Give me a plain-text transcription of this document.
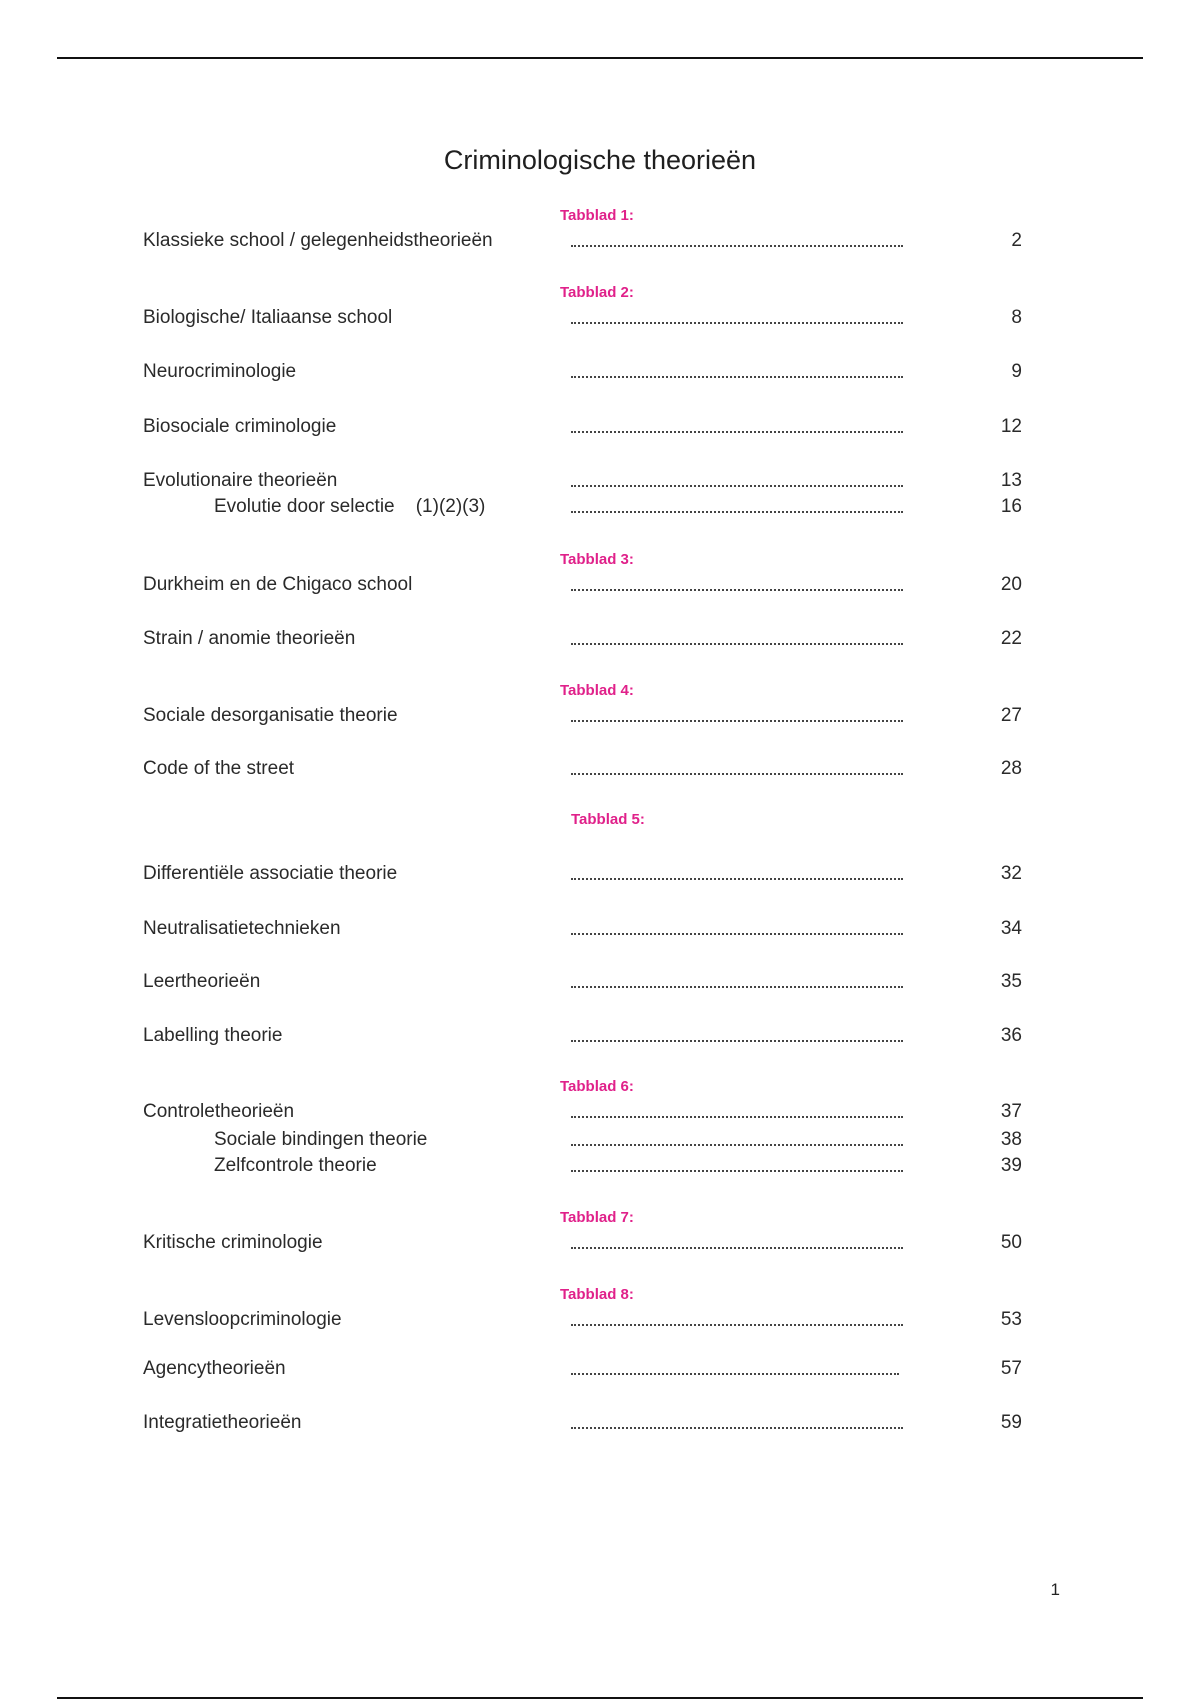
Criminologische theorieën
Tabblad 1:
Klassieke school / gelegenheidstheorieën	2
Tabblad 2:
Biologische/ Italiaanse school	8
Neurocriminologie	9
Biosociale criminologie	12
Evolutionaire theorieën	13
Evolutie door selectie    (1)(2)(3)	16
Tabblad 3:
Durkheim en de Chigaco school	20
Strain / anomie theorieën	22
Tabblad 4:
Sociale desorganisatie theorie	27
Code of the street	28
Tabblad 5:
Differentiële associatie theorie	32
Neutralisatietechnieken	34
Leertheorieën	35
Labelling theorie	36
Tabblad 6:
Controletheorieën	37
Sociale bindingen theorie	38
Zelfcontrole theorie	39
Tabblad 7:
Kritische criminologie	50
Tabblad 8:
Levensloopcriminologie	53
Agencytheorieën	57
Integratietheorieën	59
1
